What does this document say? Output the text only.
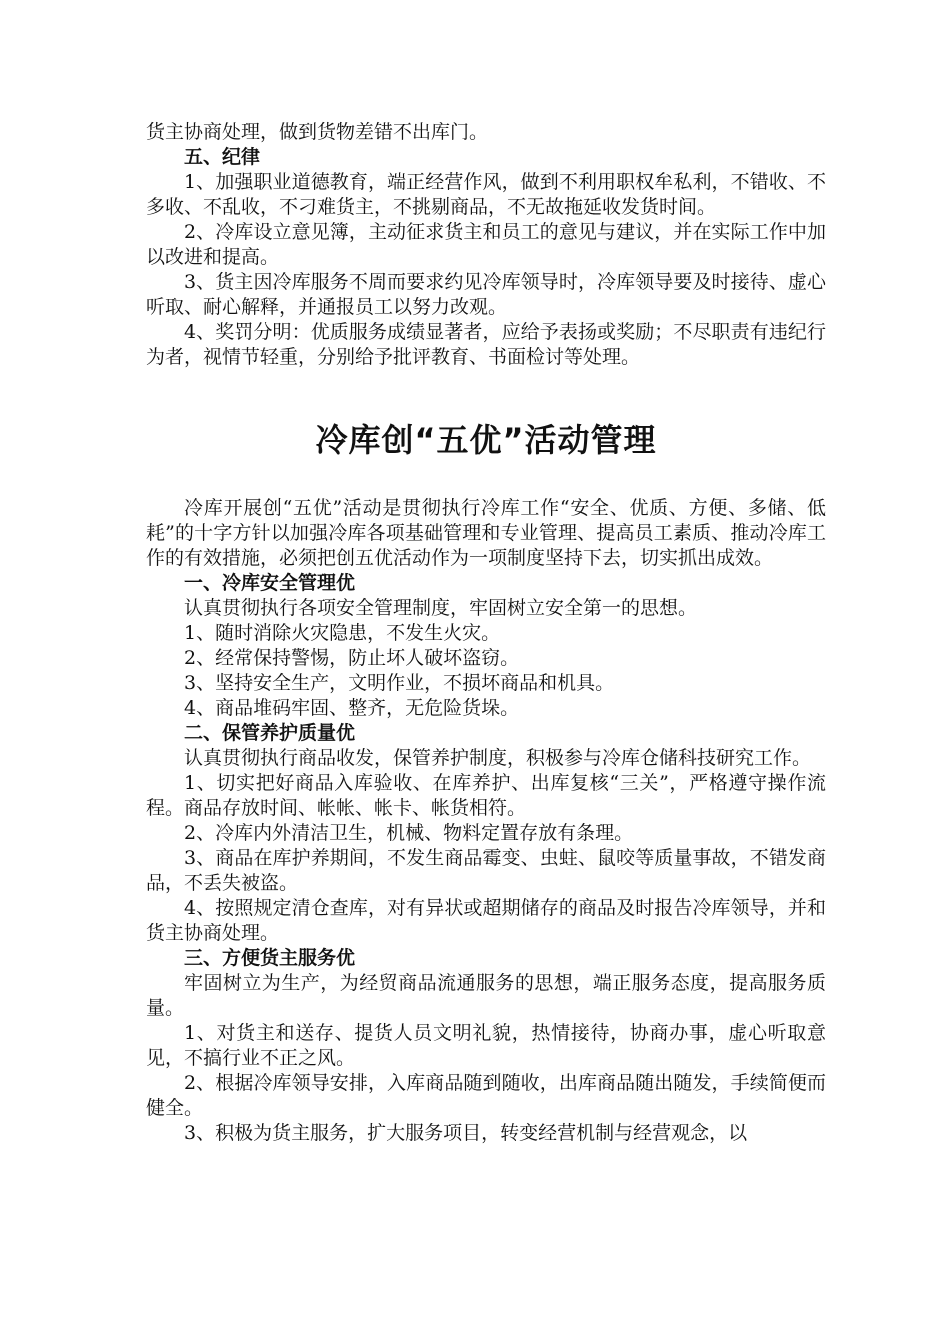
货主协商处理，做到货物差错不出库门。

五、纪律

1、加强职业道德教育，端正经营作风，做到不利用职权牟私利，不错收、不多收、不乱收，不刁难货主，不挑剔商品，不无故拖延收发货时间。

2、冷库设立意见簿，主动征求货主和员工的意见与建议，并在实际工作中加以改进和提高。

3、货主因冷库服务不周而要求约见冷库领导时，冷库领导要及时接待、虚心听取、耐心解释，并通报员工以努力改观。

4、奖罚分明：优质服务成绩显著者，应给予表扬或奖励；不尽职责有违纪行为者，视情节轻重，分别给予批评教育、书面检讨等处理。

冷库创“五优”活动管理

冷库开展创“五优”活动是贯彻执行冷库工作“安全、优质、方便、多储、低耗”的十字方针以加强冷库各项基础管理和专业管理、提高员工素质、推动冷库工作的有效措施，必须把创五优活动作为一项制度坚持下去，切实抓出成效。

一、冷库安全管理优

认真贯彻执行各项安全管理制度，牢固树立安全第一的思想。

1、随时消除火灾隐患，不发生火灾。

2、经常保持警惕，防止坏人破坏盗窃。

3、坚持安全生产，文明作业，不损坏商品和机具。

4、商品堆码牢固、整齐，无危险货垛。

二、保管养护质量优

认真贯彻执行商品收发，保管养护制度，积极参与冷库仓储科技研究工作。

1、切实把好商品入库验收、在库养护、出库复核“三关”，严格遵守操作流程。商品存放时间、帐帐、帐卡、帐货相符。

2、冷库内外清洁卫生，机械、物料定置存放有条理。

3、商品在库护养期间，不发生商品霉变、虫蛀、鼠咬等质量事故，不错发商品，不丢失被盗。

4、按照规定清仓查库，对有异状或超期储存的商品及时报告冷库领导，并和货主协商处理。

三、方便货主服务优

牢固树立为生产，为经贸商品流通服务的思想，端正服务态度，提高服务质量。

1、对货主和送存、提货人员文明礼貌，热情接待，协商办事，虚心听取意见，不搞行业不正之风。

2、根据冷库领导安排，入库商品随到随收，出库商品随出随发，手续简便而健全。

3、积极为货主服务，扩大服务项目，转变经营机制与经营观念，以
